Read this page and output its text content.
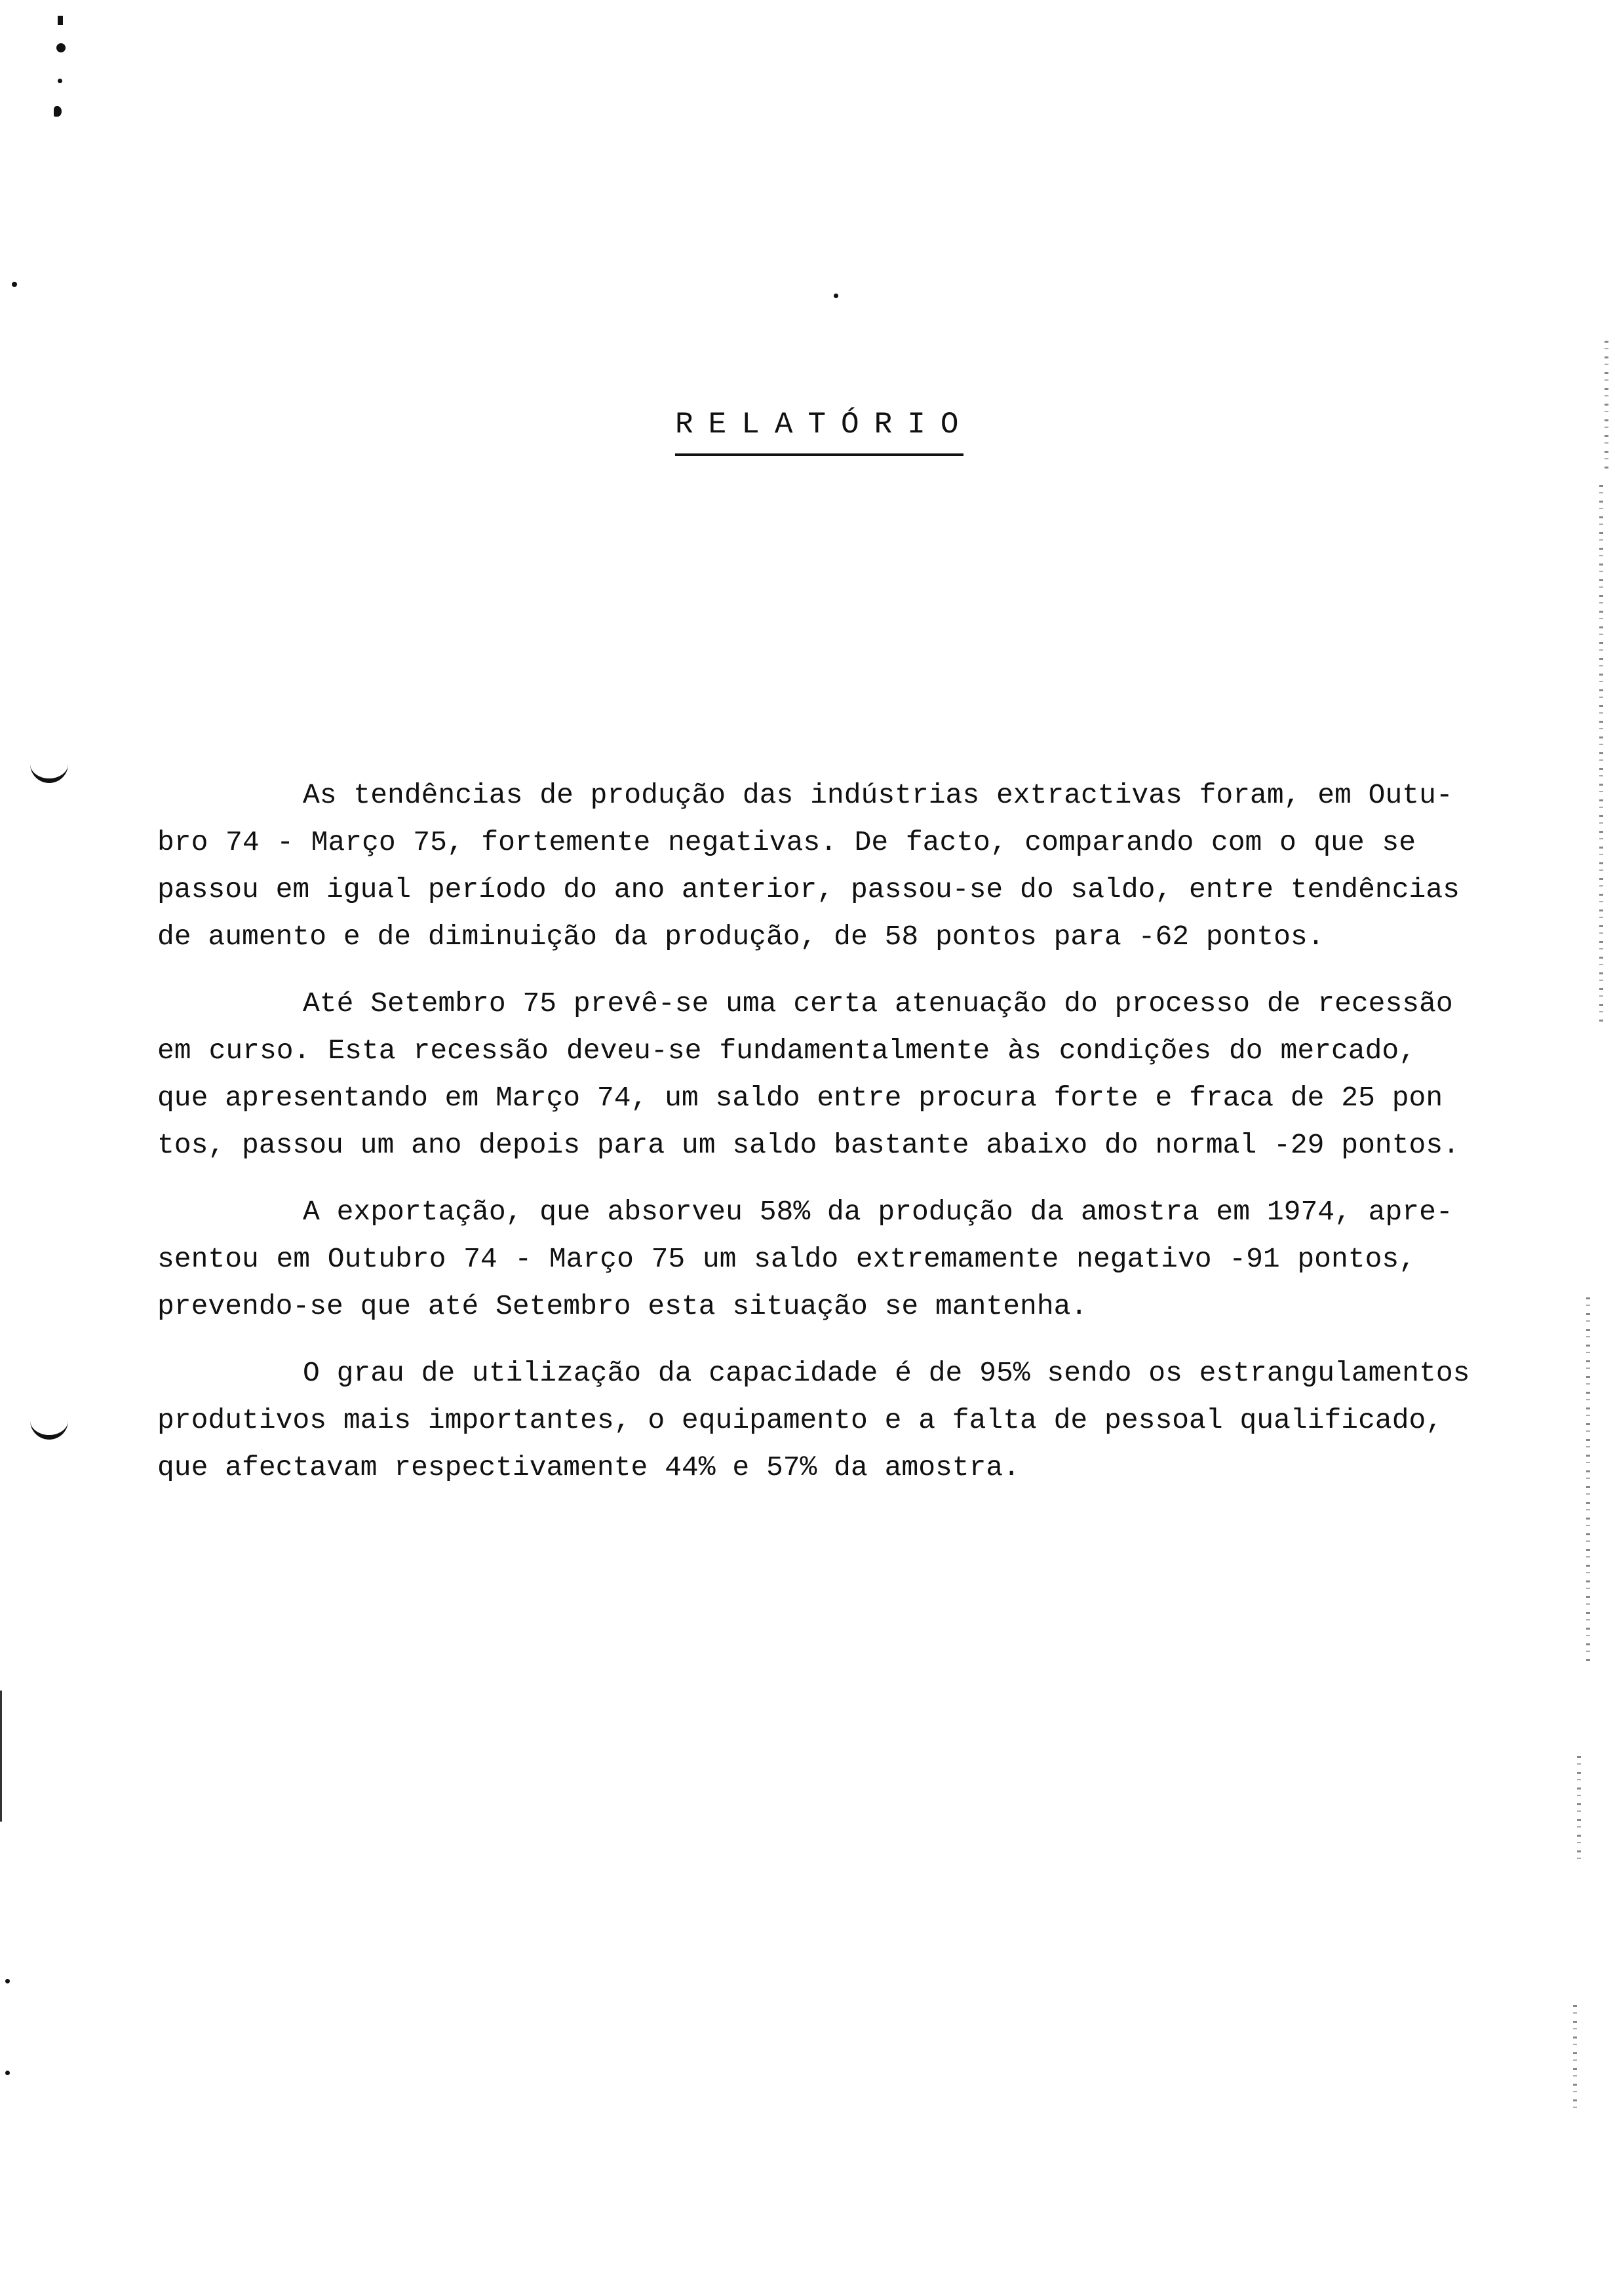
RELATÓRIO
As tendências de produção das indústrias extractivas foram, em Outu-
bro 74 - Março 75, fortemente negativas. De facto, comparando com o que se
passou em igual período do ano anterior, passou-se do saldo, entre tendências
de aumento e de diminuição da produção, de 58 pontos para -62 pontos.
Até Setembro 75 prevê-se uma certa atenuação do processo de recessão
em curso. Esta recessão deveu-se fundamentalmente às condições do mercado,
que apresentando em Março 74, um saldo entre procura forte e fraca de 25 pon
tos, passou um ano depois para um saldo bastante abaixo do normal -29 pontos.
A exportação, que absorveu 58% da produção da amostra em 1974, apre-
sentou em Outubro 74 - Março 75 um saldo extremamente negativo -91 pontos,
prevendo-se que até Setembro esta situação se mantenha.
O grau de utilização da capacidade é de 95% sendo os estrangulamentos
produtivos mais importantes, o equipamento e a falta de pessoal qualificado,
que afectavam respectivamente 44% e 57% da amostra.
